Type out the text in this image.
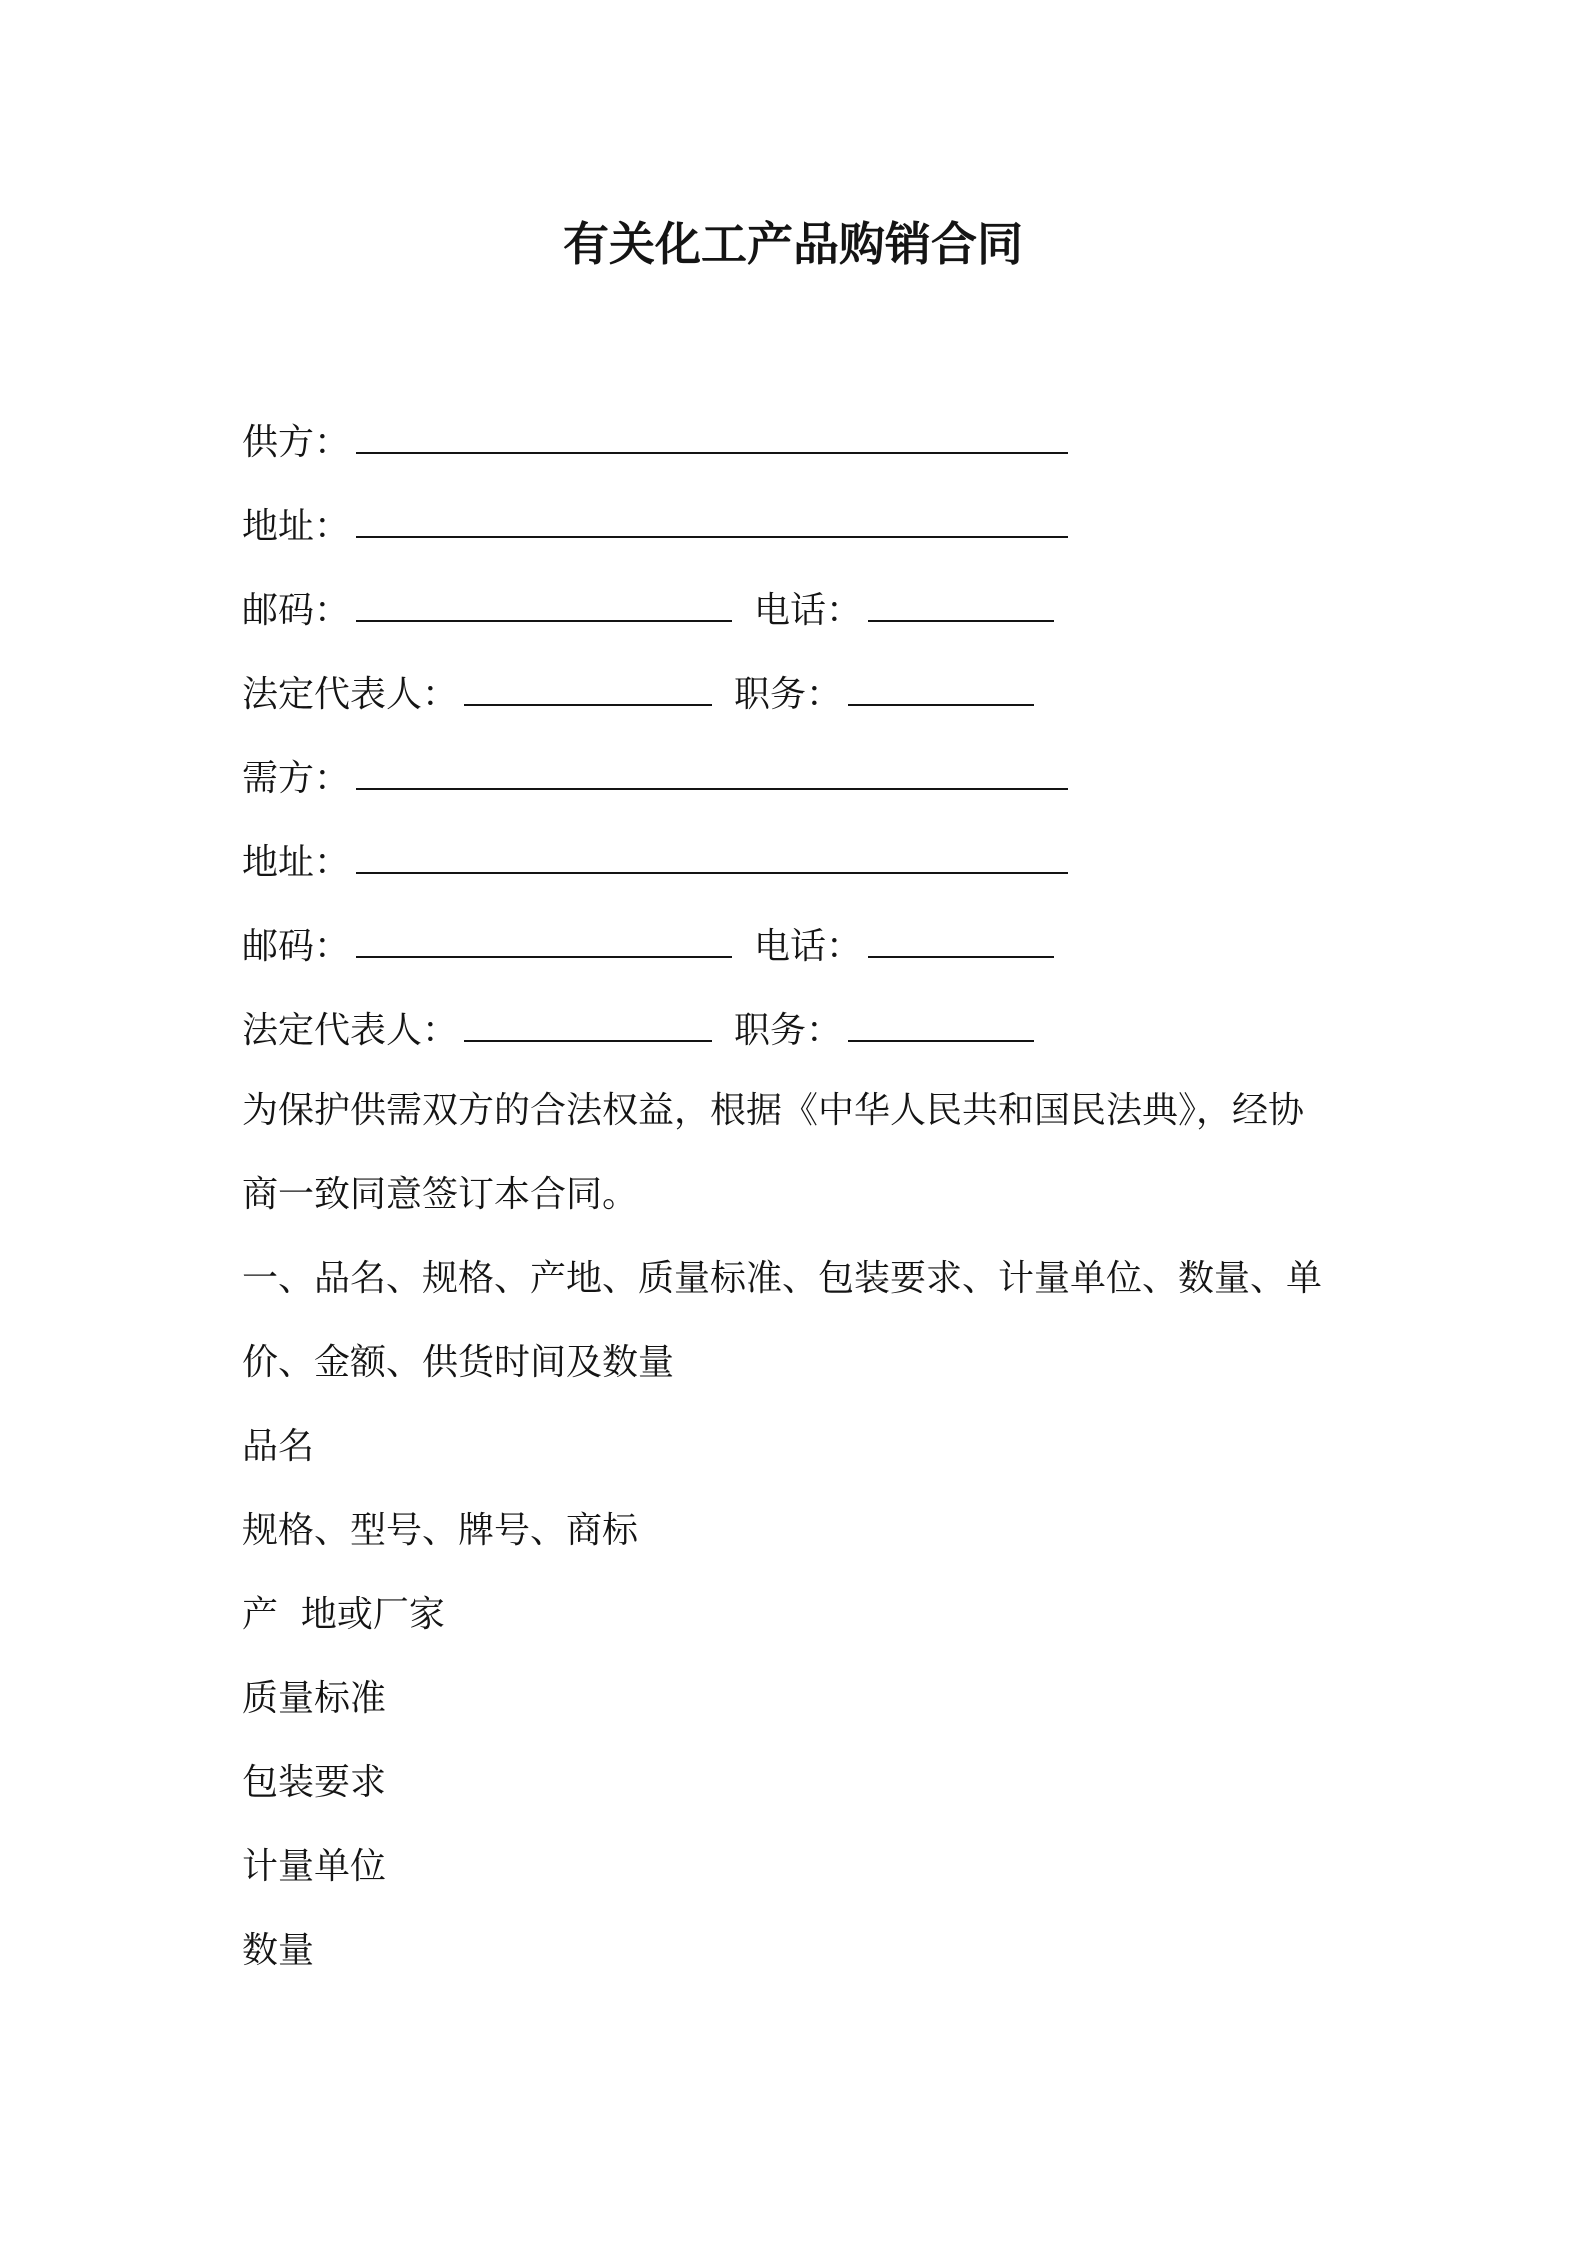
有关化工产品购销合同
供方：
地址：
邮码：	电话：
法定代表人：	职务：
需方：
地址：
邮码：	电话：
法定代表人：	职务：
为保护供需双方的合法权益，根据《中华人民共和国民法典》，经协
商一致同意签订本合同。
一、品名、规格、产地、质量标准、包装要求、计量单位、数量、单
价、金额、供货时间及数量
品名
规格、型号、牌号、商标
产  地或厂家
质量标准
包装要求
计量单位
数量
